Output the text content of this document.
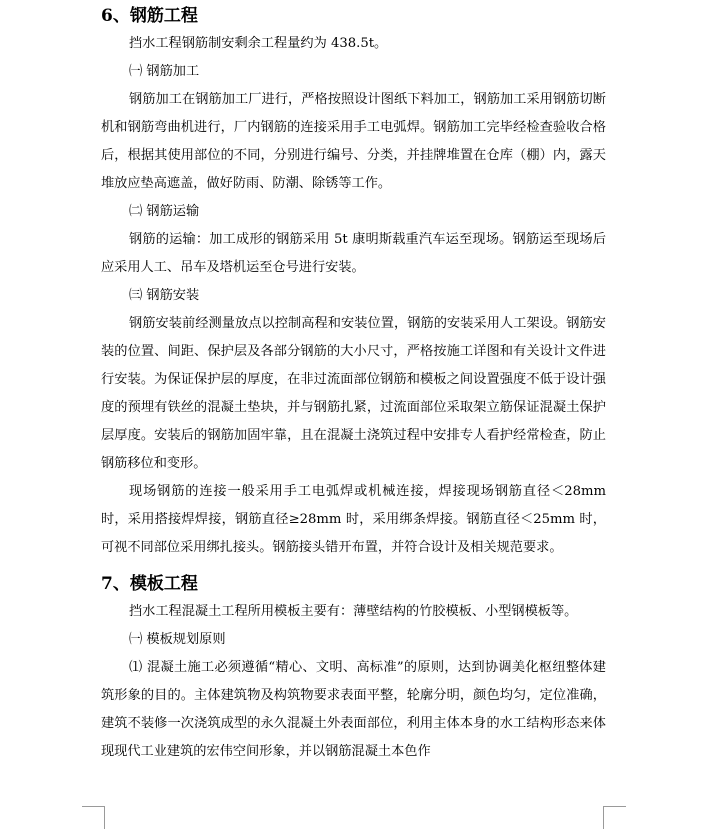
6、钢筋工程

挡水工程钢筋制安剩余工程量约为 438.5t。

㈠ 钢筋加工

钢筋加工在钢筋加工厂进行，严格按照设计图纸下料加工，钢筋加工采用钢筋切断机和钢筋弯曲机进行，厂内钢筋的连接采用手工电弧焊。钢筋加工完毕经检查验收合格后，根据其使用部位的不同，分别进行编号、分类，并挂牌堆置在仓库（棚）内，露天堆放应垫高遮盖，做好防雨、防潮、除锈等工作。

㈡ 钢筋运输

钢筋的运输：加工成形的钢筋采用 5t 康明斯载重汽车运至现场。钢筋运至现场后应采用人工、吊车及塔机运至仓号进行安装。

㈢ 钢筋安装

钢筋安装前经测量放点以控制高程和安装位置，钢筋的安装采用人工架设。钢筋安装的位置、间距、保护层及各部分钢筋的大小尺寸，严格按施工详图和有关设计文件进行安装。为保证保护层的厚度，在非过流面部位钢筋和模板之间设置强度不低于设计强度的预埋有铁丝的混凝土垫块，并与钢筋扎紧，过流面部位采取架立筋保证混凝土保护层厚度。安装后的钢筋加固牢靠，且在混凝土浇筑过程中安排专人看护经常检查，防止钢筋移位和变形。

现场钢筋的连接一般采用手工电弧焊或机械连接，焊接现场钢筋直径＜28mm 时，采用搭接焊焊接，钢筋直径≥28mm 时，采用绑条焊接。钢筋直径＜25mm 时，可视不同部位采用绑扎接头。钢筋接头错开布置，并符合设计及相关规范要求。

7、模板工程

挡水工程混凝土工程所用模板主要有：薄壁结构的竹胶模板、小型钢模板等。

㈠ 模板规划原则

⑴ 混凝土施工必须遵循“精心、文明、高标准”的原则，达到协调美化枢纽整体建筑形象的目的。主体建筑物及构筑物要求表面平整，轮廓分明，颜色均匀，定位准确，建筑不装修一次浇筑成型的永久混凝土外表面部位，利用主体本身的水工结构形态来体现现代工业建筑的宏伟空间形象，并以钢筋混凝土本色作
